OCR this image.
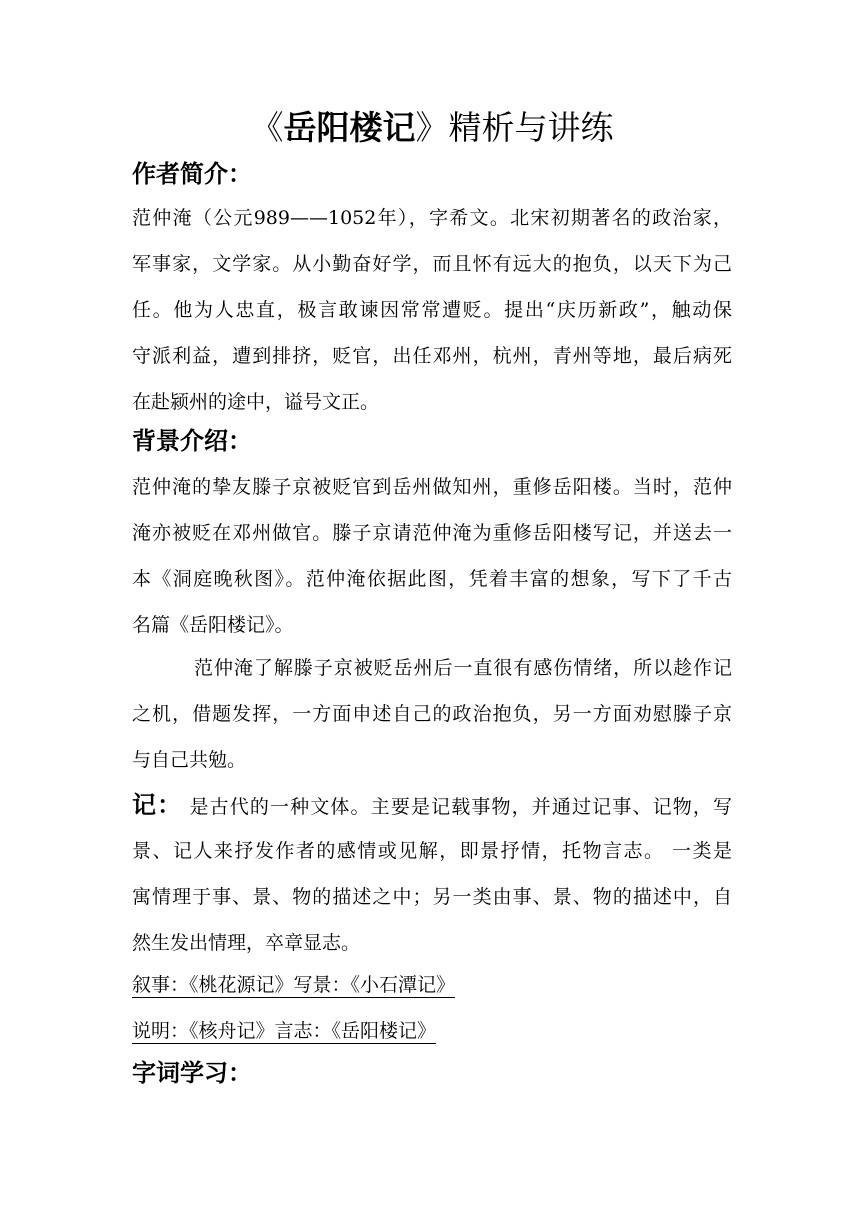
《岳阳楼记》精析与讲练
作者简介：
范仲淹（公元989——1052年），字希文。北宋初期著名的政治家，
军事家，文学家。从小勤奋好学，而且怀有远大的抱负，以天下为己
任。他为人忠直，极言敢谏因常常遭贬。提出“庆历新政”，触动保
守派利益，遭到排挤，贬官，出任邓州，杭州，青州等地，最后病死
在赴颍州的途中，谥号文正。
背景介绍：
范仲淹的挚友滕子京被贬官到岳州做知州，重修岳阳楼。当时，范仲
淹亦被贬在邓州做官。滕子京请范仲淹为重修岳阳楼写记，并送去一
本《洞庭晚秋图》。范仲淹依据此图，凭着丰富的想象，写下了千古
名篇《岳阳楼记》。
范仲淹了解滕子京被贬岳州后一直很有感伤情绪，所以趁作记
之机，借题发挥，一方面申述自己的政治抱负，另一方面劝慰滕子京
与自己共勉。
记： 是古代的一种文体。主要是记载事物，并通过记事、记物，写
景、记人来抒发作者的感情或见解，即景抒情，托物言志。 一类是
寓情理于事、景、物的描述之中；另一类由事、景、物的描述中，自
然生发出情理，卒章显志。
叙事：《桃花源记》写景：《小石潭记》
说明：《核舟记》言志：《岳阳楼记》
字词学习：
